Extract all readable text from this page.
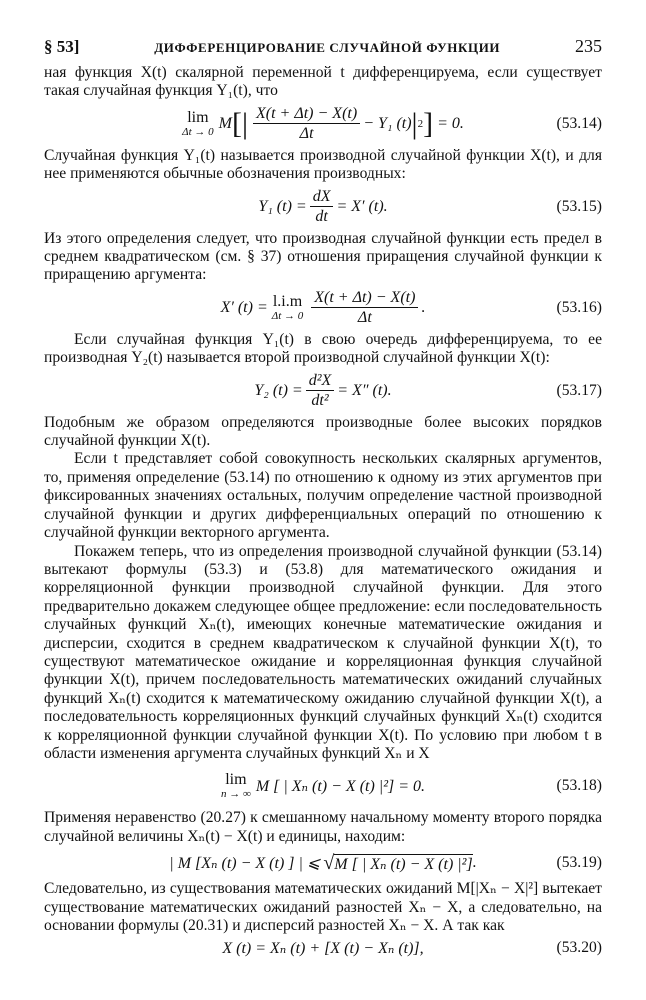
§ 53]	ДИФФЕРЕНЦИРОВАНИЕ СЛУЧАЙНОЙ ФУНКЦИИ	235

ная функция X(t) скалярной переменной t дифференцируема, если существует такая случайная функция Y₁(t), что

lim
Δt → 0 M [ | X(t + Δt) − X(t)
Δt
− Y₁ (t) | 2 ] = 0.	(53.14)

Случайная функция Y₁(t) называется производной случайной функции X(t), и для нее применяются обычные обозначения производных:

Y₁ $(t) = \frac{dX}{dt} = X'$ (t).	(53.15)

Из этого определения следует, что производная случайной функции есть предел в среднем квадратическом (см. § 37) отношения приращения случайной функции к приращению аргумента:

X′ (t) = l.i.m
Δt → 0
X(t + Δt) − X(t)
Δt
.	(53.16)

Если случайная функция Y₁(t) в свою очередь дифференцируема, то ее производная Y₂(t) называется второй производной случайной функции X(t):

Y₂ $(t) = \frac{\text{d²X}}{\text{dt²}} = X''$ (t).	(53.17)

Подобным же образом определяются производные более высоких порядков случайной функции X(t).

Если t представляет собой совокупность нескольких скалярных аргументов, то, применяя определение (53.14) по отношению к одному из этих аргументов при фиксированных значениях остальных, получим определение частной производной случайной функции и других дифференциальных операций по отношению к случайной функции векторного аргумента.

Покажем теперь, что из определения производной случайной функции (53.14) вытекают формулы (53.3) и (53.8) для математического ожидания и корреляционной функции производной случайной функции. Для этого предварительно докажем следующее общее предложение: если последовательность случайных функций Xₙ(t), имеющих конечные математические ожидания и дисперсии, сходится в среднем квадратическом к случайной функции X(t), то существуют математическое ожидание и корреляционная функция случайной функции X(t), причем последовательность математических ожиданий случайных функций Xₙ(t) сходится к математическому ожиданию случайной функции X(t), а последовательность корреляционных функций случайных функций Xₙ(t) сходится к корреляционной функции случайной функции X(t). По условию при любом t в области изменения аргумента случайных функций Xₙ и X

lim
n → ∞ M [ | Xₙ (t) − X (t) |²] = 0.	(53.18)

Применяя неравенство (20.27) к смешанному начальному моменту второго порядка случайной величины Xₙ(t) − X(t) и единицы, находим:

| M [Xₙ (t) − X (t) ] | ⩽ √M [ | Xₙ (t) − X (t) |²] .	(53.19)

Следовательно, из существования математических ожиданий M[|Xₙ − X|²] вытекает существование математических ожиданий разностей Xₙ − X, а следовательно, на основании формулы (20.31) и дисперсий разностей Xₙ − X. А так как

X (t) = Xₙ (t) + [X (t) − Xₙ (t)],	(53.20)
